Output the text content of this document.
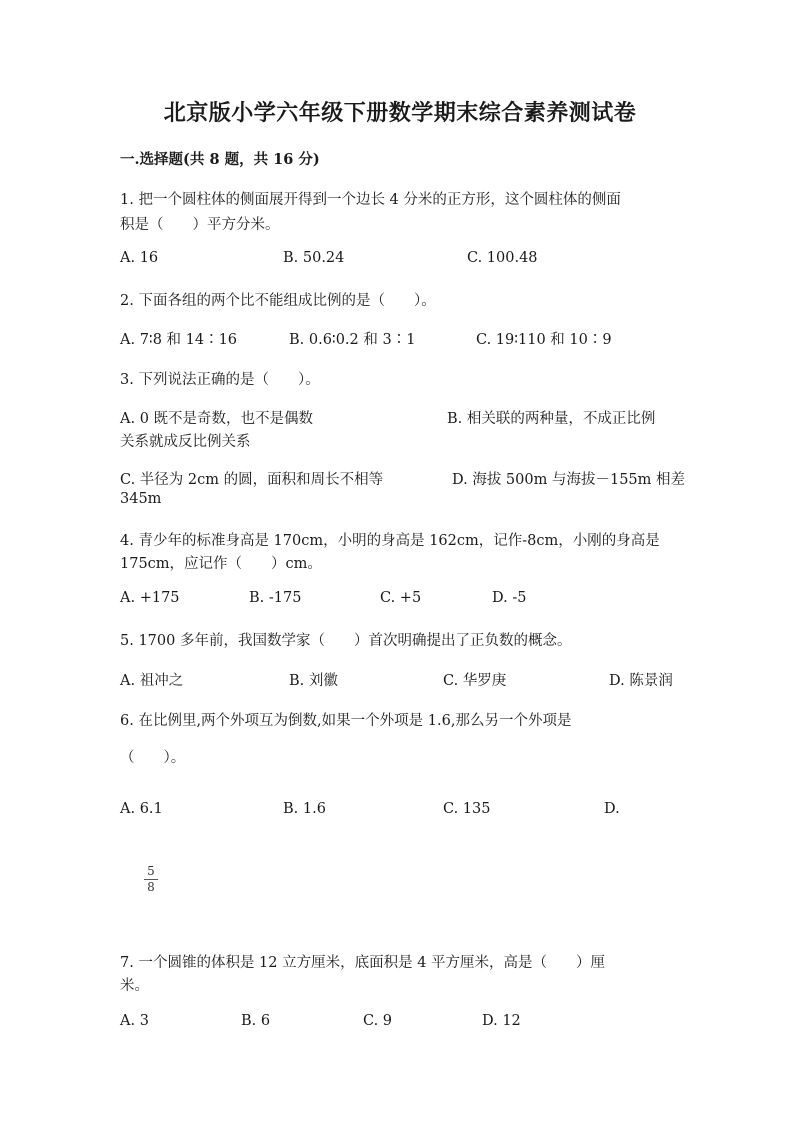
北京版小学六年级下册数学期末综合素养测试卷
一.选择题(共 8 题，共 16 分)
1. 把一个圆柱体的侧面展开得到一个边长 4 分米的正方形，这个圆柱体的侧面
积是（　　）平方分米。
A. 16	B. 50.24	C. 100.48
2. 下面各组的两个比不能组成比例的是（　　）。
A. 7∶8 和 14∶16	B. 0.6∶0.2 和 3∶1	C. 19∶110 和 10∶9
3. 下列说法正确的是（　　）。
A. 0 既不是奇数，也不是偶数	B. 相关联的两种量，不成正比例
关系就成反比例关系
C. 半径为 2cm 的圆，面积和周长不相等	D. 海拔 500m 与海拔－155m 相差
345m
4. 青少年的标准身高是 170cm，小明的身高是 162cm，记作-8cm，小刚的身高是
175cm，应记作（　　）cm。
A. +175	B. -175	C. +5	D. -5
5. 1700 多年前，我国数学家（　　）首次明确提出了正负数的概念。
A. 祖冲之	B. 刘徽	C. 华罗庚	D. 陈景润
6. 在比例里,两个外项互为倒数,如果一个外项是 1.6,那么另一个外项是
（　　）。
A. 6.1	B. 1.6	C. 135	D.
5
8
7. 一个圆锥的体积是 12 立方厘米，底面积是 4 平方厘米，高是（　　）厘
米。
A. 3	B. 6	C. 9	D. 12
